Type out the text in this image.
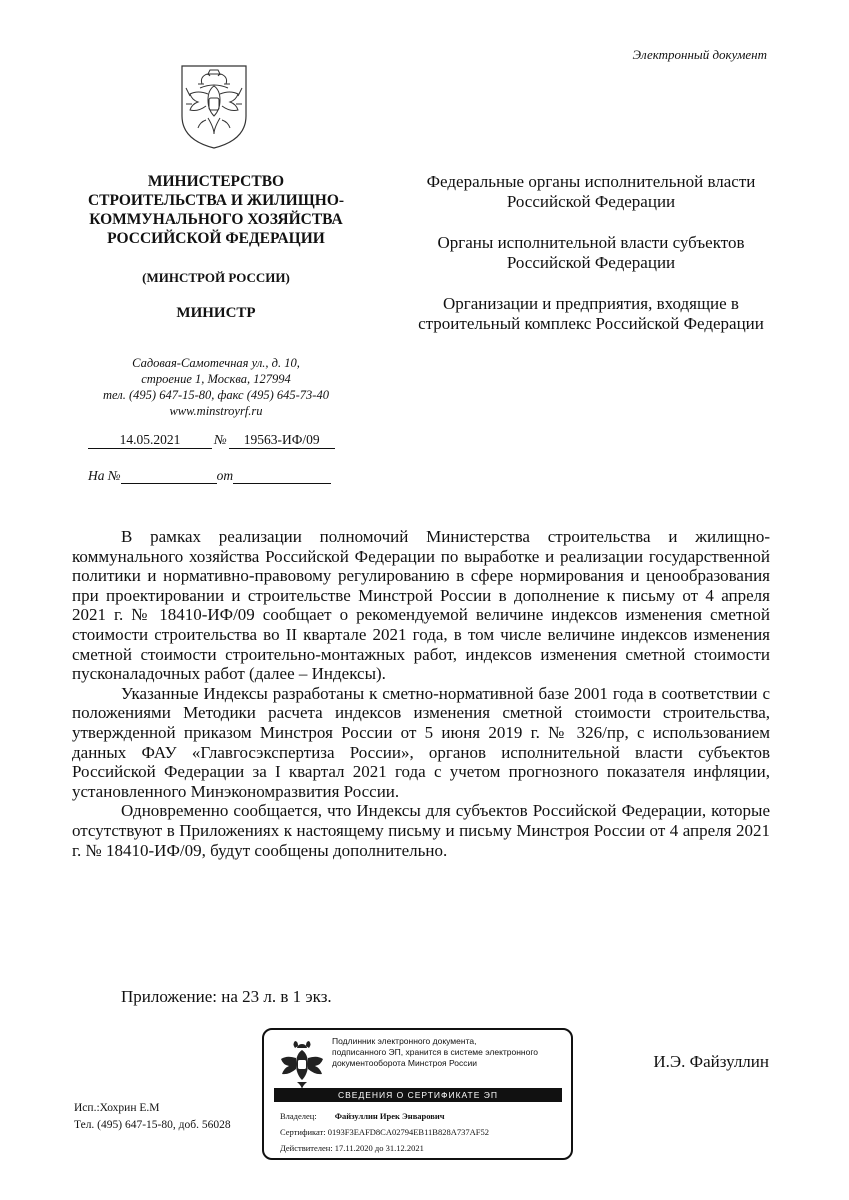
Электронный документ
МИНИСТЕРСТВО
СТРОИТЕЛЬСТВА И ЖИЛИЩНО-
КОММУНАЛЬНОГО ХОЗЯЙСТВА
РОССИЙСКОЙ ФЕДЕРАЦИИ
(МИНСТРОЙ РОССИИ)
МИНИСТР
Садовая-Самотечная ул., д. 10,
строение 1, Москва, 127994
тел. (495) 647-15-80, факс (495) 645-73-40
www.minstroyrf.ru
14.05.2021 № 19563-ИФ/09
На №	от

Федеральные органы исполнительной власти Российской Федерации

Органы исполнительной власти субъектов Российской Федерации

Организации и предприятия, входящие в строительный комплекс Российской Федерации

В рамках реализации полномочий Министерства строительства и жилищно-коммунального хозяйства Российской Федерации по выработке и реализации государственной политики и нормативно-правовому регулированию в сфере нормирования и ценообразования при проектировании и строительстве Минстрой России в дополнение к письму от 4 апреля 2021 г. № 18410-ИФ/09 сообщает о рекомендуемой величине индексов изменения сметной стоимости строительства во II квартале 2021 года, в том числе величине индексов изменения сметной стоимости строительно-монтажных работ, индексов изменения сметной стоимости пусконаладочных работ (далее – Индексы).

Указанные Индексы разработаны к сметно-нормативной базе 2001 года в соответствии с положениями Методики расчета индексов изменения сметной стоимости строительства, утвержденной приказом Минстроя России от 5 июня 2019 г. № 326/пр, с использованием данных ФАУ «Главгосэкспертиза России», органов исполнительной власти субъектов Российской Федерации за I квартал 2021 года с учетом прогнозного показателя инфляции, установленного Минэкономразвития России.

Одновременно сообщается, что Индексы для субъектов Российской Федерации, которые отсутствуют в Приложениях к настоящему письму и письму Минстроя России от 4 апреля 2021 г. № 18410-ИФ/09, будут сообщены дополнительно.

Приложение: на 23 л. в 1 экз.
Подлинник электронного документа,
подписанного ЭП, хранится в системе электронного
документооборота Минстроя России
СВЕДЕНИЯ О СЕРТИФИКАТЕ ЭП
Владелец: Файзуллин Ирек Энварович
Сертификат: 0193F3EAFD8CA02794EB11B828A737AF52
Действителен: 17.11.2020 до 31.12.2021
И.Э. Файзуллин
Исп.:Хохрин Е.М
Тел. (495) 647-15-80, доб. 56028
